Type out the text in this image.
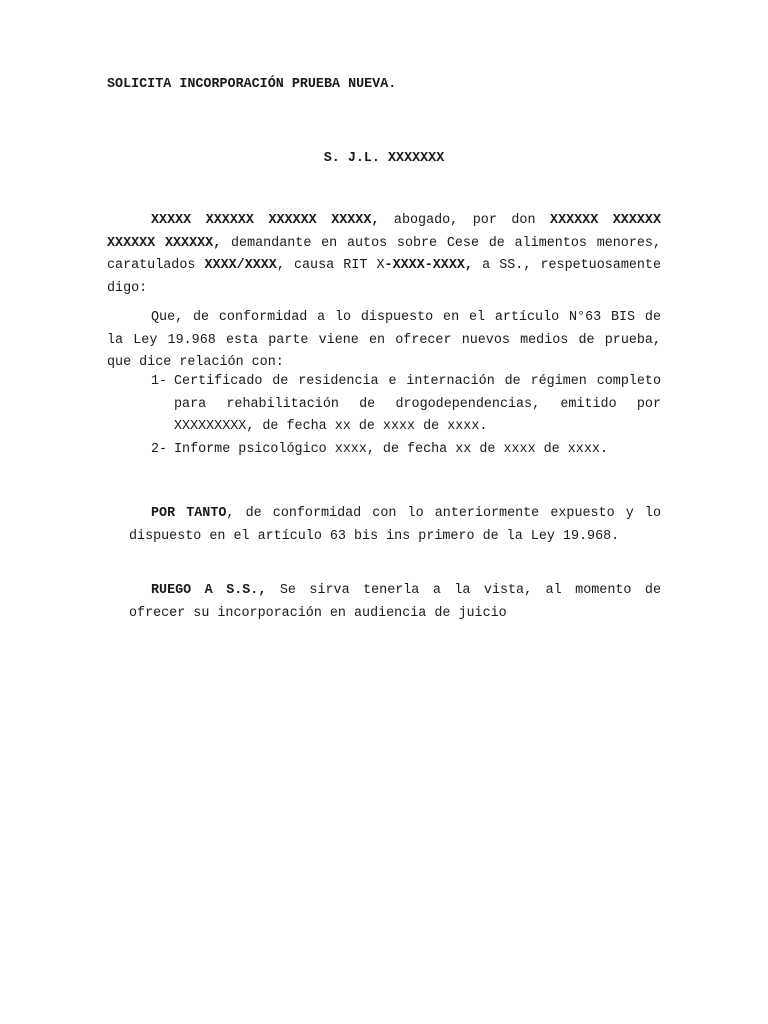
SOLICITA INCORPORACIÓN PRUEBA NUEVA.
S. J.L. XXXXXXX

XXXXX XXXXXX XXXXXX XXXXX, abogado, por don XXXXXX XXXXXX XXXXXX XXXXXX, demandante en autos sobre Cese de alimentos menores, caratulados XXXX/XXXX, causa RIT X-XXXX-XXXX, a SS., respetuosamente digo:

Que, de conformidad a lo dispuesto en el artículo N°63 BIS de la Ley 19.968 esta parte viene en ofrecer nuevos medios de prueba, que dice relación con:

1- Certificado de residencia e internación de régimen completo para rehabilitación de drogodependencias, emitido por XXXXXXXXX, de fecha xx de xxxx de xxxx.
2- Informe psicológico xxxx, de fecha xx de xxxx de xxxx.

POR TANTO, de conformidad con lo anteriormente expuesto y lo dispuesto en el artículo 63 bis ins primero de la Ley 19.968.

RUEGO A S.S., Se sirva tenerla a la vista, al momento de ofrecer su incorporación en audiencia de juicio
